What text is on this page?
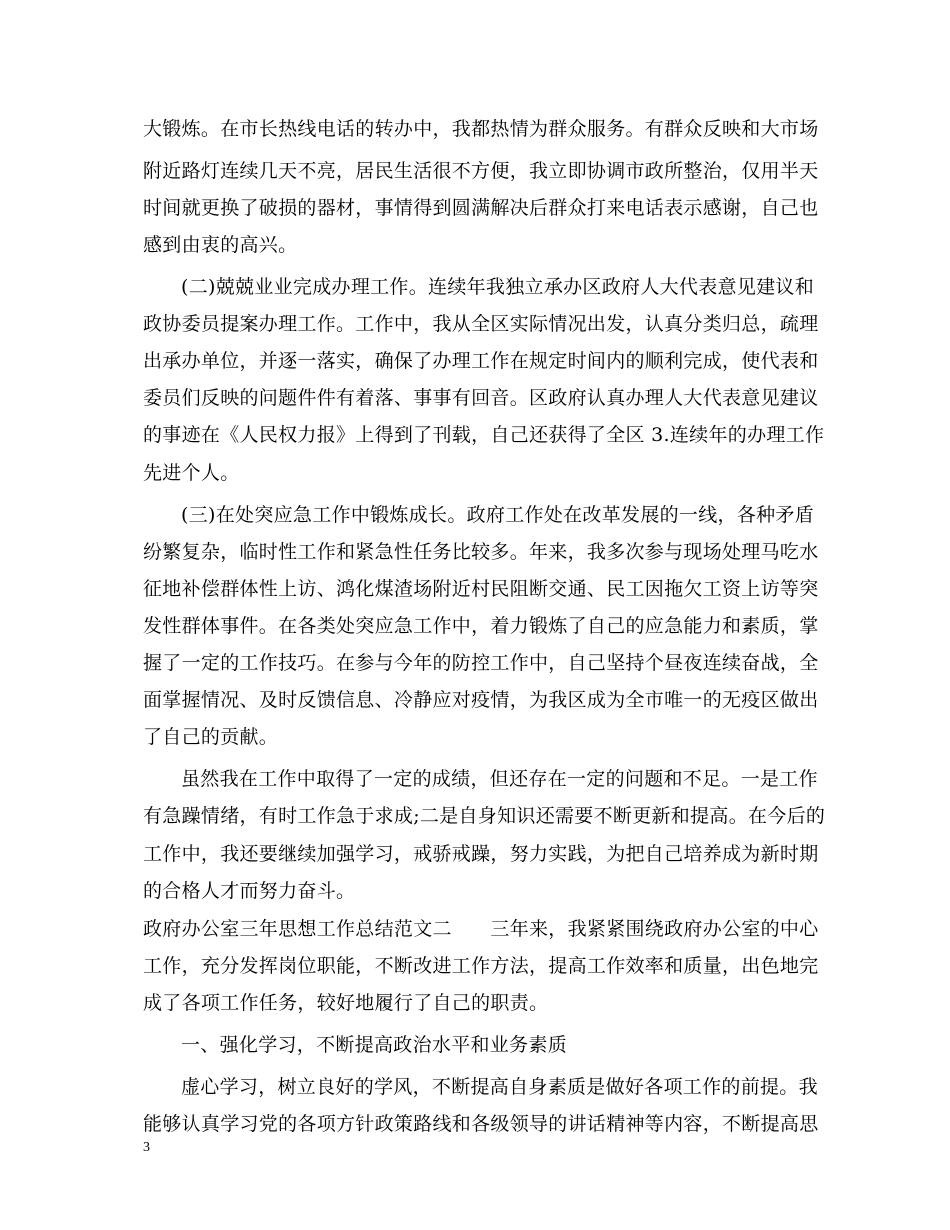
大锻炼。在市长热线电话的转办中，我都热情为群众服务。有群众反映和大市场
附近路灯连续几天不亮，居民生活很不方便，我立即协调市政所整治，仅用半天
时间就更换了破损的器材，事情得到圆满解决后群众打来电话表示感谢，自己也
感到由衷的高兴。
(二)兢兢业业完成办理工作。连续年我独立承办区政府人大代表意见建议和
政协委员提案办理工作。工作中，我从全区实际情况出发，认真分类归总，疏理
出承办单位，并逐一落实，确保了办理工作在规定时间内的顺利完成，使代表和
委员们反映的问题件件有着落、事事有回音。区政府认真办理人大代表意见建议
的事迹在《人民权力报》上得到了刊载，自己还获得了全区 3.连续年的办理工作
先进个人。
(三)在处突应急工作中锻炼成长。政府工作处在改革发展的一线，各种矛盾
纷繁复杂，临时性工作和紧急性任务比较多。年来，我多次参与现场处理马吃水
征地补偿群体性上访、鸿化煤渣场附近村民阻断交通、民工因拖欠工资上访等突
发性群体事件。在各类处突应急工作中，着力锻炼了自己的应急能力和素质，掌
握了一定的工作技巧。在参与今年的防控工作中，自己坚持个昼夜连续奋战，全
面掌握情况、及时反馈信息、冷静应对疫情，为我区成为全市唯一的无疫区做出
了自己的贡献。
虽然我在工作中取得了一定的成绩，但还存在一定的问题和不足。一是工作
有急躁情绪，有时工作急于求成;二是自身知识还需要不断更新和提高。在今后的
工作中，我还要继续加强学习，戒骄戒躁，努力实践，为把自己培养成为新时期
的合格人才而努力奋斗。
政府办公室三年思想工作总结范文二　　三年来，我紧紧围绕政府办公室的中心
工作，充分发挥岗位职能，不断改进工作方法，提高工作效率和质量，出色地完
成了各项工作任务，较好地履行了自己的职责。
一、强化学习，不断提高政治水平和业务素质
虚心学习，树立良好的学风，不断提高自身素质是做好各项工作的前提。我
能够认真学习党的各项方针政策路线和各级领导的讲话精神等内容，不断提高思
3
